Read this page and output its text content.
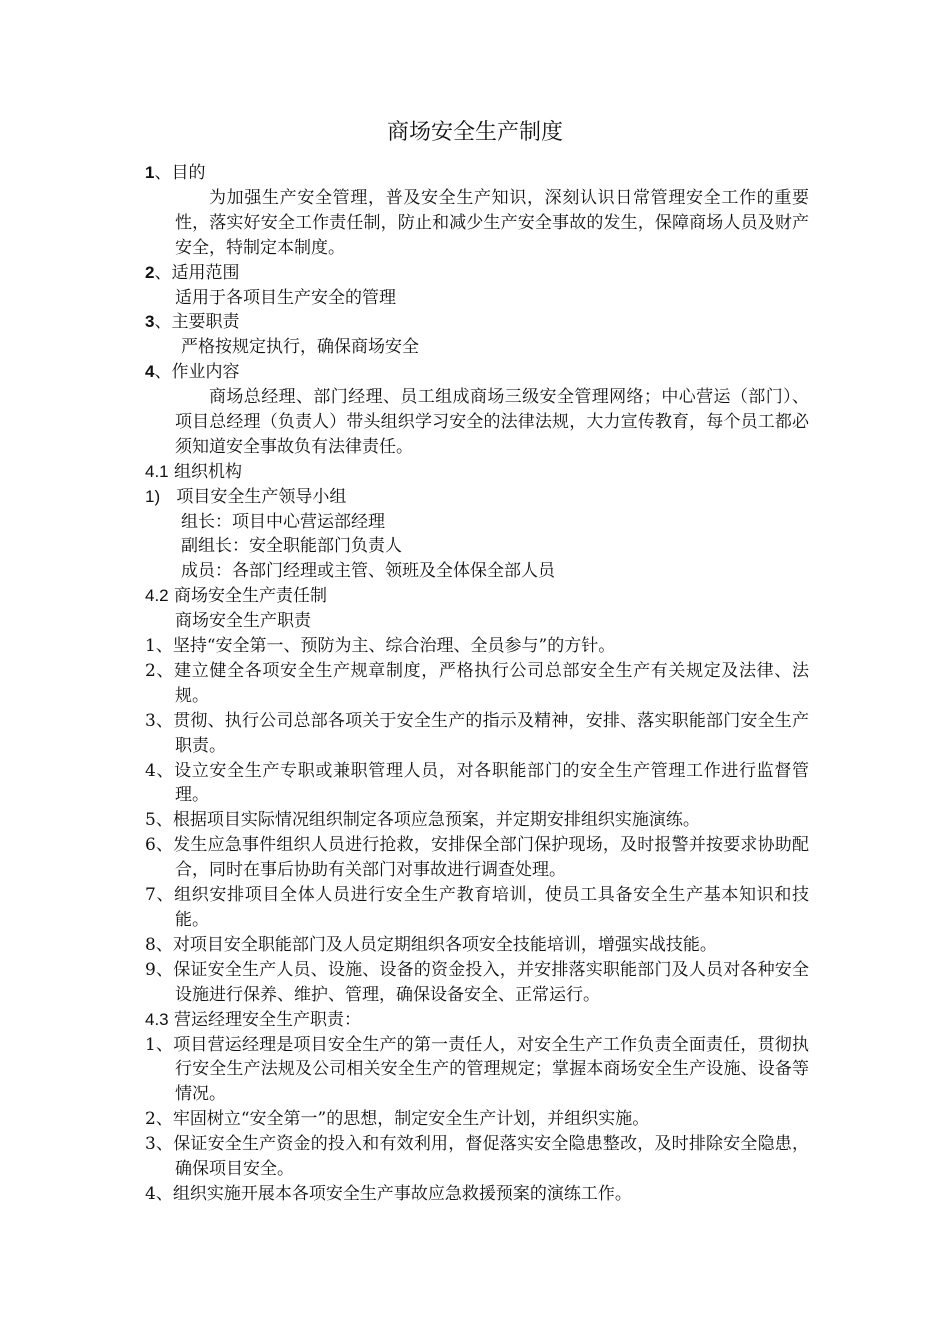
商场安全生产制度
1、目的
为加强生产安全管理，普及安全生产知识，深刻认识日常管理安全工作的重要性，落实好安全工作责任制，防止和减少生产安全事故的发生，保障商场人员及财产安全，特制定本制度。
2、适用范围
适用于各项目生产安全的管理
3、主要职责
严格按规定执行，确保商场安全
4、作业内容
商场总经理、部门经理、员工组成商场三级安全管理网络；中心营运（部门）、项目总经理（负责人）带头组织学习安全的法律法规，大力宣传教育，每个员工都必须知道安全事故负有法律责任。
4.1 组织机构
1) 项目安全生产领导小组
组长：项目中心营运部经理
副组长：安全职能部门负责人
成员：各部门经理或主管、领班及全体保全部人员
4.2 商场安全生产责任制
商场安全生产职责
1、坚持“安全第一、预防为主、综合治理、全员参与”的方针。
2、建立健全各项安全生产规章制度，严格执行公司总部安全生产有关规定及法律、法规。
3、贯彻、执行公司总部各项关于安全生产的指示及精神，安排、落实职能部门安全生产职责。
4、设立安全生产专职或兼职管理人员，对各职能部门的安全生产管理工作进行监督管理。
5、根据项目实际情况组织制定各项应急预案，并定期安排组织实施演练。
6、发生应急事件组织人员进行抢救，安排保全部门保护现场，及时报警并按要求协助配合，同时在事后协助有关部门对事故进行调查处理。
7、组织安排项目全体人员进行安全生产教育培训，使员工具备安全生产基本知识和技能。
8、对项目安全职能部门及人员定期组织各项安全技能培训，增强实战技能。
9、保证安全生产人员、设施、设备的资金投入，并安排落实职能部门及人员对各种安全设施进行保养、维护、管理，确保设备安全、正常运行。
4.3 营运经理安全生产职责：
1、项目营运经理是项目安全生产的第一责任人，对安全生产工作负责全面责任，贯彻执行安全生产法规及公司相关安全生产的管理规定；掌握本商场安全生产设施、设备等情况。
2、牢固树立“安全第一”的思想，制定安全生产计划，并组织实施。
3、保证安全生产资金的投入和有效利用，督促落实安全隐患整改，及时排除安全隐患，确保项目安全。
4、组织实施开展本各项安全生产事故应急救援预案的演练工作。
